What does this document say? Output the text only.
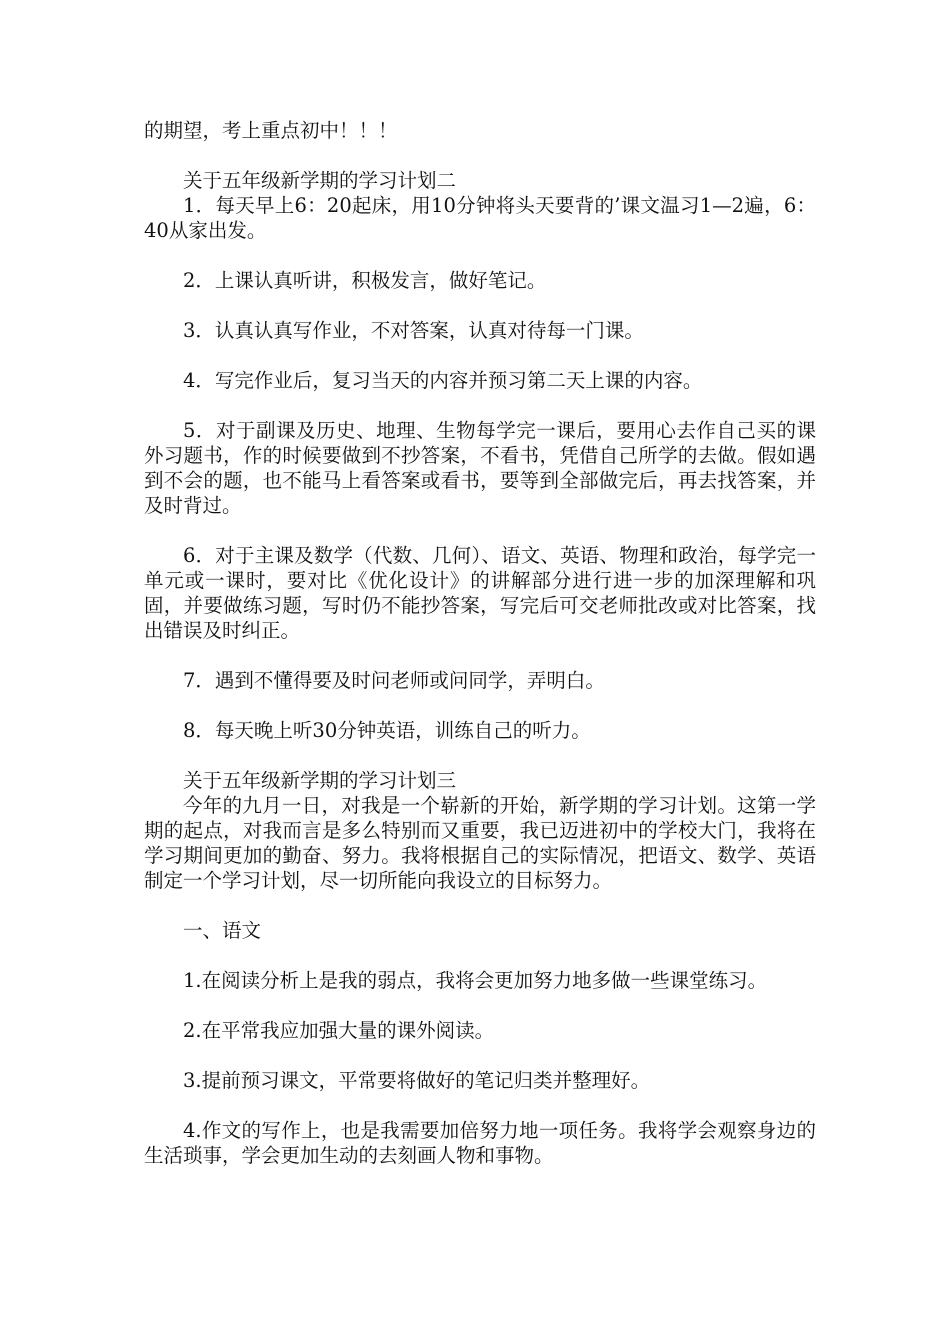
的期望，考上重点初中！！！

关于五年级新学期的学习计划二

1．每天早上6：20起床，用10分钟将头天要背的’课文温习1—2遍，6：40从家出发。

2．上课认真听讲，积极发言，做好笔记。

3．认真认真写作业，不对答案，认真对待每一门课。

4．写完作业后，复习当天的内容并预习第二天上课的内容。

5．对于副课及历史、地理、生物每学完一课后，要用心去作自己买的课外习题书，作的时候要做到不抄答案，不看书，凭借自己所学的去做。假如遇到不会的题，也不能马上看答案或看书，要等到全部做完后，再去找答案，并及时背过。

6．对于主课及数学（代数、几何）、语文、英语、物理和政治，每学完一单元或一课时，要对比《优化设计》的讲解部分进行进一步的加深理解和巩固，并要做练习题，写时仍不能抄答案，写完后可交老师批改或对比答案，找出错误及时纠正。

7．遇到不懂得要及时问老师或问同学，弄明白。

8．每天晚上听30分钟英语，训练自己的听力。

关于五年级新学期的学习计划三

今年的九月一日，对我是一个崭新的开始，新学期的学习计划。这第一学期的起点，对我而言是多么特别而又重要，我已迈进初中的学校大门，我将在学习期间更加的勤奋、努力。我将根据自己的实际情况，把语文、数学、英语制定一个学习计划，尽一切所能向我设立的目标努力。

一、语文

1.在阅读分析上是我的弱点，我将会更加努力地多做一些课堂练习。

2.在平常我应加强大量的课外阅读。

3.提前预习课文，平常要将做好的笔记归类并整理好。

4.作文的写作上，也是我需要加倍努力地一项任务。我将学会观察身边的生活琐事，学会更加生动的去刻画人物和事物。
